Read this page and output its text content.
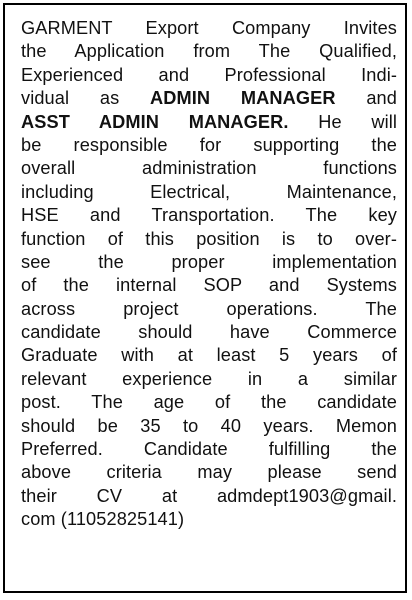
GARMENT Export Company Invites
the Application from The Qualified,
Experienced and Professional Indi-
vidual as ADMIN MANAGER and
ASST ADMIN MANAGER. He will
be responsible for supporting the
overall administration functions
including Electrical, Maintenance,
HSE and Transportation. The key
function of this position is to over-
see the proper implementation
of the internal SOP and Systems
across project operations. The
candidate should have Commerce
Graduate with at least 5 years of
relevant experience in a similar
post. The age of the candidate
should be 35 to 40 years. Memon
Preferred. Candidate fulfilling the
above criteria may please send
their CV at admdept1903@gmail.
com (11052825141)
